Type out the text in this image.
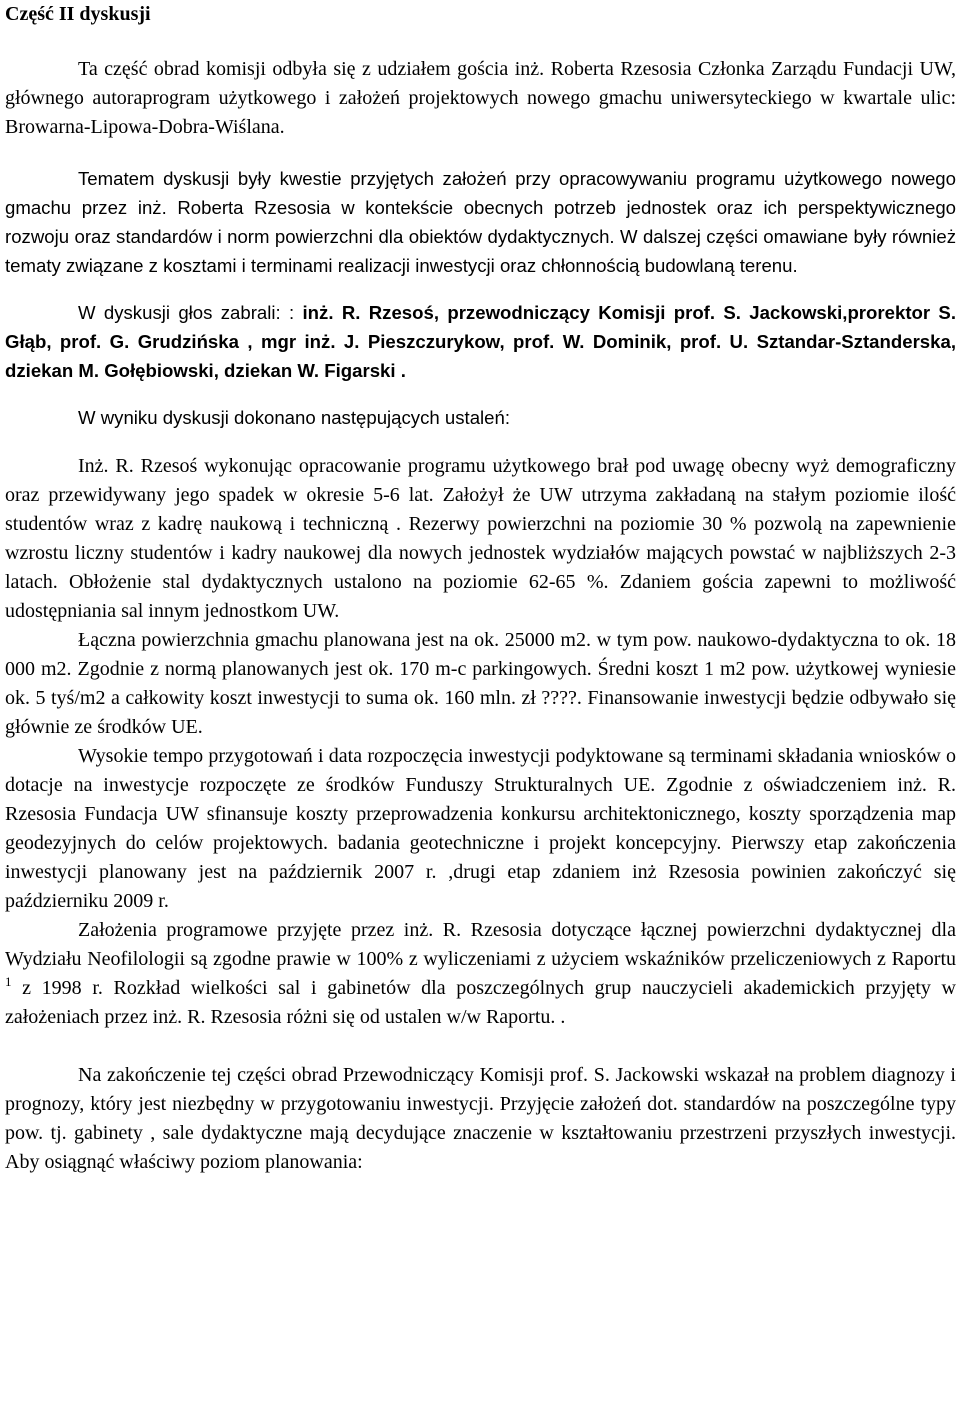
Część II dyskusji

Ta część obrad komisji odbyła się z udziałem gościa inż. Roberta Rzesosia Członka Zarządu Fundacji UW, głównego autoraprogram użytkowego i założeń projektowych nowego gmachu uniwersyteckiego w kwartale ulic: Browarna-Lipowa-Dobra-Wiślana.

Tematem dyskusji były kwestie przyjętych założeń przy opracowywaniu programu użytkowego nowego gmachu przez inż. Roberta Rzesosia w kontekście obecnych potrzeb jednostek oraz ich perspektywicznego rozwoju oraz standardów i norm powierzchni dla obiektów dydaktycznych. W dalszej części omawiane były również tematy związane z kosztami i terminami realizacji inwestycji oraz chłonnością budowlaną terenu.

W dyskusji głos zabrali: : inż. R. Rzesoś, przewodniczący Komisji prof. S. Jackowski,prorektor S. Głąb, prof. G. Grudzińska , mgr inż. J. Pieszczurykow, prof. W. Dominik, prof. U. Sztandar-Sztanderska, dziekan M. Gołębiowski, dziekan W. Figarski .

W wyniku dyskusji dokonano następujących ustaleń:

Inż. R. Rzesoś wykonując opracowanie programu użytkowego brał pod uwagę obecny wyż demograficzny oraz przewidywany jego spadek w okresie 5-6 lat. Założył że UW utrzyma zakładaną na stałym poziomie ilość studentów wraz z kadrę naukową i techniczną . Rezerwy powierzchni na poziomie 30 % pozwolą na zapewnienie wzrostu liczny studentów i kadry naukowej dla nowych jednostek wydziałów mających powstać w najbliższych 2-3 latach. Obłożenie stal dydaktycznych ustalono na poziomie 62-65 %. Zdaniem gościa zapewni to możliwość udostępniania sal innym jednostkom UW.

Łączna powierzchnia gmachu planowana jest na ok. 25000 m2. w tym pow. naukowo-dydaktyczna to ok. 18 000 m2. Zgodnie z normą planowanych jest ok. 170 m-c parkingowych. Średni koszt 1 m2 pow. użytkowej wyniesie ok. 5 tyś/m2 a całkowity koszt inwestycji to suma ok. 160 mln. zł ????. Finansowanie inwestycji będzie odbywało się głównie ze środków UE.

Wysokie tempo przygotowań i data rozpoczęcia inwestycji podyktowane są terminami składania wniosków o dotacje na inwestycje rozpoczęte ze środków Funduszy Strukturalnych UE. Zgodnie z oświadczeniem inż. R. Rzesosia Fundacja UW sfinansuje koszty przeprowadzenia konkursu architektonicznego, koszty sporządzenia map geodezyjnych do celów projektowych. badania geotechniczne i projekt koncepcyjny. Pierwszy etap zakończenia inwestycji planowany jest na październik 2007 r. ,drugi etap zdaniem inż Rzesosia powinien zakończyć się październiku 2009 r.

Założenia programowe przyjęte przez inż. R. Rzesosia dotyczące łącznej powierzchni dydaktycznej dla Wydziału Neofilologii są zgodne prawie w 100% z wyliczeniami z użyciem wskaźników przeliczeniowych z Raportu $^1$ z 1998 r. Rozkład wielkości sal i gabinetów dla poszczególnych grup nauczycieli akademickich przyjęty w założeniach przez inż. R. Rzesosia różni się od ustalen w/w Raportu. .

Na zakończenie tej części obrad Przewodniczący Komisji prof. S. Jackowski wskazał na problem diagnozy i prognozy, który jest niezbędny w przygotowaniu inwestycji. Przyjęcie założeń dot. standardów na poszczególne typy pow. tj. gabinety , sale dydaktyczne mają decydujące znaczenie w kształtowaniu przestrzeni przyszłych inwestycji. Aby osiągnąć właściwy poziom planowania:
